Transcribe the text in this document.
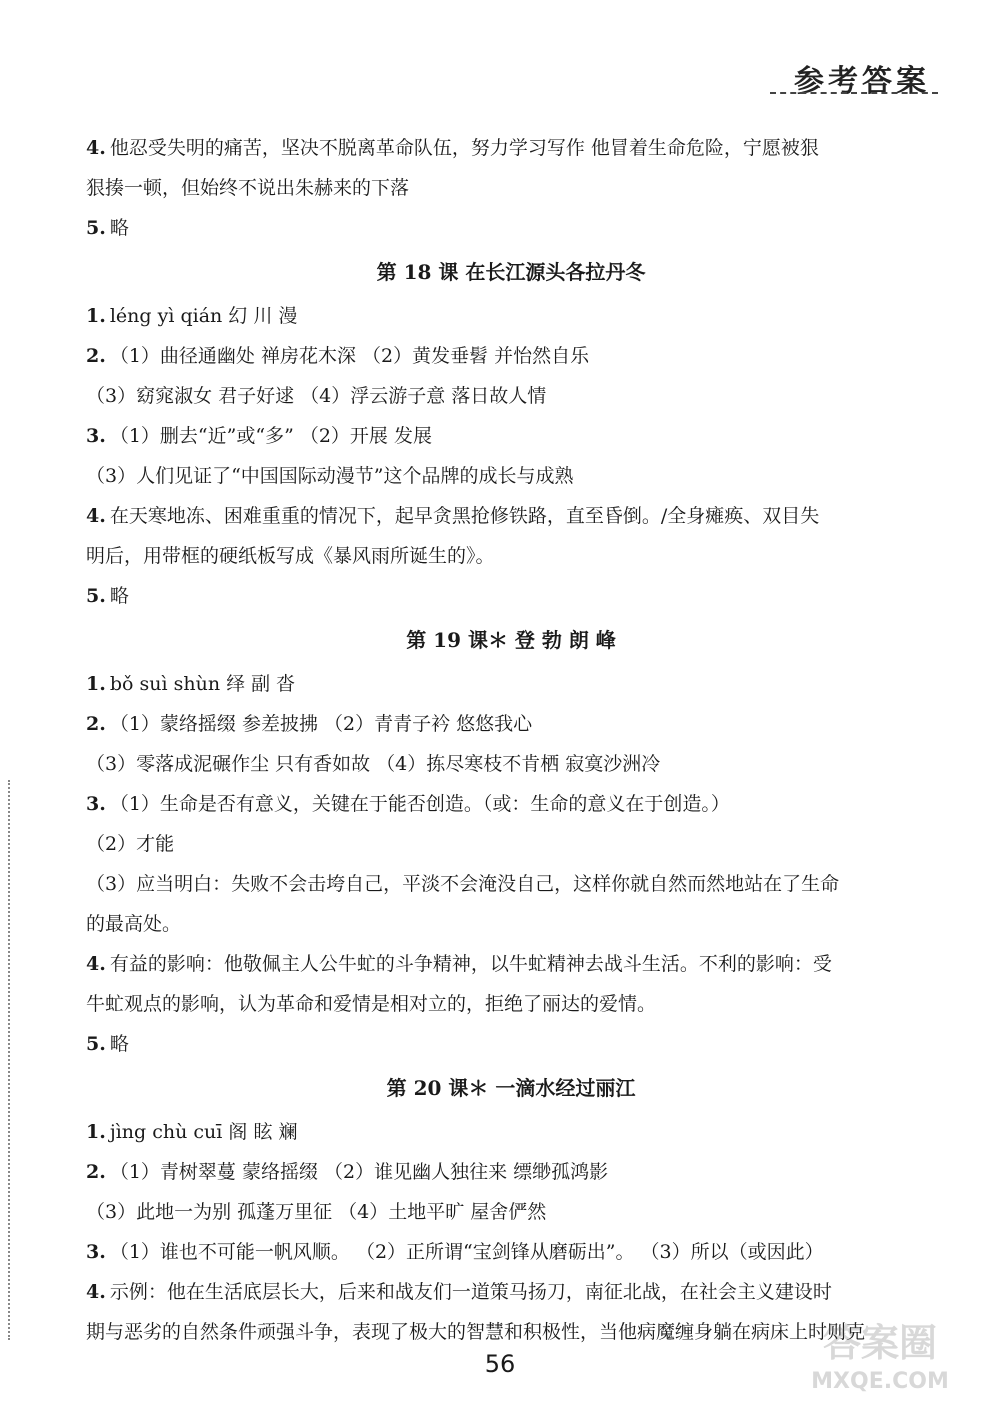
参考答案
4. 他忍受失明的痛苦，坚决不脱离革命队伍，努力学习写作 他冒着生命危险，宁愿被狠
狠揍一顿，但始终不说出朱赫来的下落
5. 略
第 18 课 在长江源头各拉丹冬
1. léng yì qián 幻 川 漫
2. （1）曲径通幽处 禅房花木深 （2）黄发垂髫 并怡然自乐
（3）窈窕淑女 君子好逑 （4）浮云游子意 落日故人情
3. （1）删去“近”或“多” （2）开展 发展
（3）人们见证了“中国国际动漫节”这个品牌的成长与成熟
4. 在天寒地冻、困难重重的情况下，起早贪黑抢修铁路，直至昏倒。/全身瘫痪、双目失
明后，用带框的硬纸板写成《暴风雨所诞生的》。
5. 略
第 19 课＊ 登 勃 朗 峰
1. bǒ suì shùn 绎 副 沓
2. （1）蒙络摇缀 参差披拂 （2）青青子衿 悠悠我心
（3）零落成泥碾作尘 只有香如故 （4）拣尽寒枝不肯栖 寂寞沙洲冷
3. （1）生命是否有意义，关键在于能否创造。（或：生命的意义在于创造。）
（2）才能
（3）应当明白：失败不会击垮自己，平淡不会淹没自己，这样你就自然而然地站在了生命
的最高处。
4. 有益的影响：他敬佩主人公牛虻的斗争精神，以牛虻精神去战斗生活。不利的影响：受
牛虻观点的影响，认为革命和爱情是相对立的，拒绝了丽达的爱情。
5. 略
第 20 课＊ 一滴水经过丽江
1. jìng chù cuī 阁 眩 斓
2. （1）青树翠蔓 蒙络摇缀 （2）谁见幽人独往来 缥缈孤鸿影
（3）此地一为别 孤蓬万里征 （4）土地平旷 屋舍俨然
3. （1）谁也不可能一帆风顺。 （2）正所谓“宝剑锋从磨砺出”。 （3）所以（或因此）
4. 示例：他在生活底层长大，后来和战友们一道策马扬刀，南征北战，在社会主义建设时
期与恶劣的自然条件顽强斗争，表现了极大的智慧和积极性，当他病魔缠身躺在病床上时则克
56	答案圈
MXQE.COM
